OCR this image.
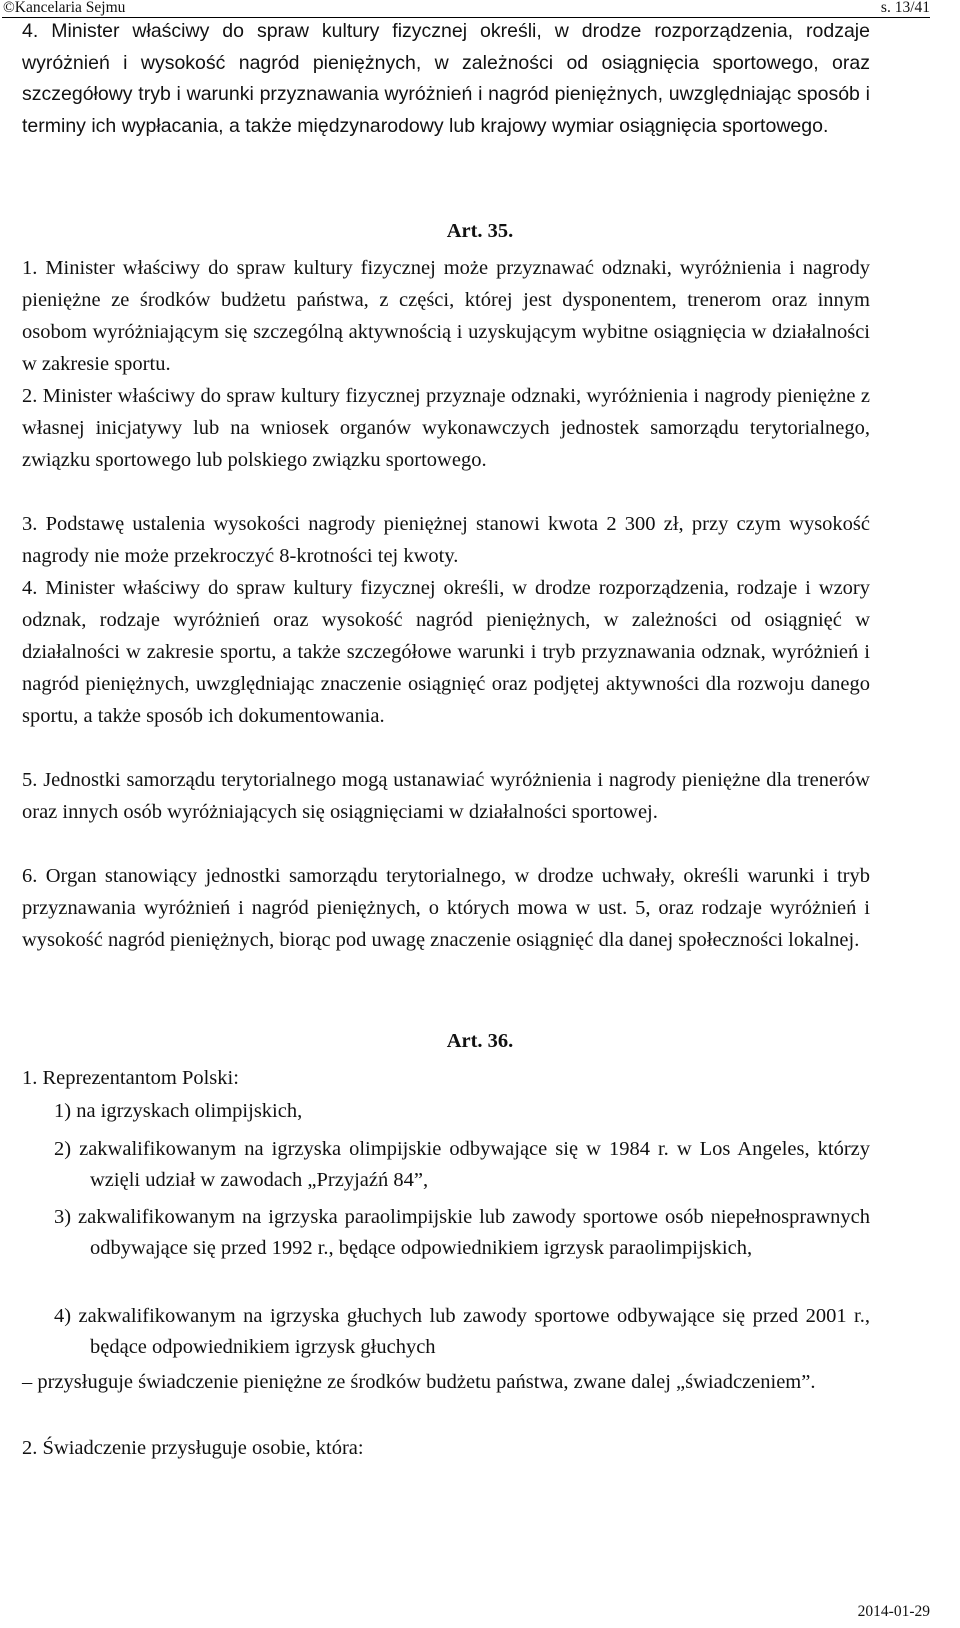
©Kancelaria Sejmu	s. 13/41
4. Minister właściwy do spraw kultury fizycznej określi, w drodze rozporządzenia, rodzaje wyróżnień i wysokość nagród pieniężnych, w zależności od osiągnięcia sportowego, oraz szczegółowy tryb i warunki przyznawania wyróżnień i nagród pieniężnych, uwzględniając sposób i terminy ich wypłacania, a także międzynarodowy lub krajowy wymiar osiągnięcia sportowego.
Art. 35.
1. Minister właściwy do spraw kultury fizycznej może przyznawać odznaki, wyróżnienia i nagrody pieniężne ze środków budżetu państwa, z części, której jest dysponentem, trenerom oraz innym osobom wyróżniającym się szczególną aktywnością i uzyskującym wybitne osiągnięcia w działalności w zakresie sportu.
2. Minister właściwy do spraw kultury fizycznej przyznaje odznaki, wyróżnienia i nagrody pieniężne z własnej inicjatywy lub na wniosek organów wykonawczych jednostek samorządu terytorialnego, związku sportowego lub polskiego związku sportowego.
3. Podstawę ustalenia wysokości nagrody pieniężnej stanowi kwota 2 300 zł, przy czym wysokość nagrody nie może przekroczyć 8-krotności tej kwoty.
4. Minister właściwy do spraw kultury fizycznej określi, w drodze rozporządzenia, rodzaje i wzory odznak, rodzaje wyróżnień oraz wysokość nagród pieniężnych, w zależności od osiągnięć w działalności w zakresie sportu, a także szczegółowe warunki i tryb przyznawania odznak, wyróżnień i nagród pieniężnych, uwzględniając znaczenie osiągnięć oraz podjętej aktywności dla rozwoju danego sportu, a także sposób ich dokumentowania.
5. Jednostki samorządu terytorialnego mogą ustanawiać wyróżnienia i nagrody pieniężne dla trenerów oraz innych osób wyróżniających się osiągnięciami w działalności sportowej.
6. Organ stanowiący jednostki samorządu terytorialnego, w drodze uchwały, określi warunki i tryb przyznawania wyróżnień i nagród pieniężnych, o których mowa w ust. 5, oraz rodzaje wyróżnień i wysokość nagród pieniężnych, biorąc pod uwagę znaczenie osiągnięć dla danej społeczności lokalnej.
Art. 36.
1. Reprezentantom Polski:
1) na igrzyskach olimpijskich,
2) zakwalifikowanym na igrzyska olimpijskie odbywające się w 1984 r. w Los Angeles, którzy wzięli udział w zawodach „Przyjaźń 84”,
3) zakwalifikowanym na igrzyska paraolimpijskie lub zawody sportowe osób niepełnosprawnych odbywające się przed 1992 r., będące odpowiednikiem igrzysk paraolimpijskich,
4) zakwalifikowanym na igrzyska głuchych lub zawody sportowe odbywające się przed 2001 r., będące odpowiednikiem igrzysk głuchych
– przysługuje świadczenie pieniężne ze środków budżetu państwa, zwane dalej „świadczeniem”.
2. Świadczenie przysługuje osobie, która:
2014-01-29
